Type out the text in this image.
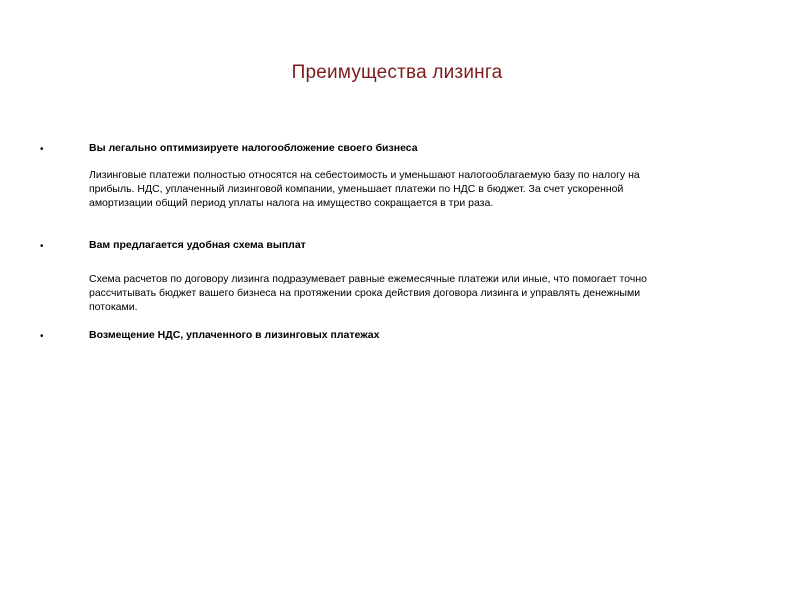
Преимущества лизинга
•	Вы легально оптимизируете налогообложение своего бизнеса
Лизинговые платежи полностью относятся на себестоимость и уменьшают налогооблагаемую базу по налогу на
прибыль. НДС, уплаченный лизинговой компании, уменьшает платежи по НДС в бюджет. За счет ускоренной
амортизации общий период уплаты налога на имущество сокращается в три раза.
•	Вам предлагается удобная схема выплат
Схема расчетов по договору лизинга подразумевает равные ежемесячные платежи или иные, что помогает точно
рассчитывать бюджет вашего бизнеса на протяжении срока действия договора лизинга и управлять денежными
потоками.
•	Возмещение НДС, уплаченного в лизинговых платежах
